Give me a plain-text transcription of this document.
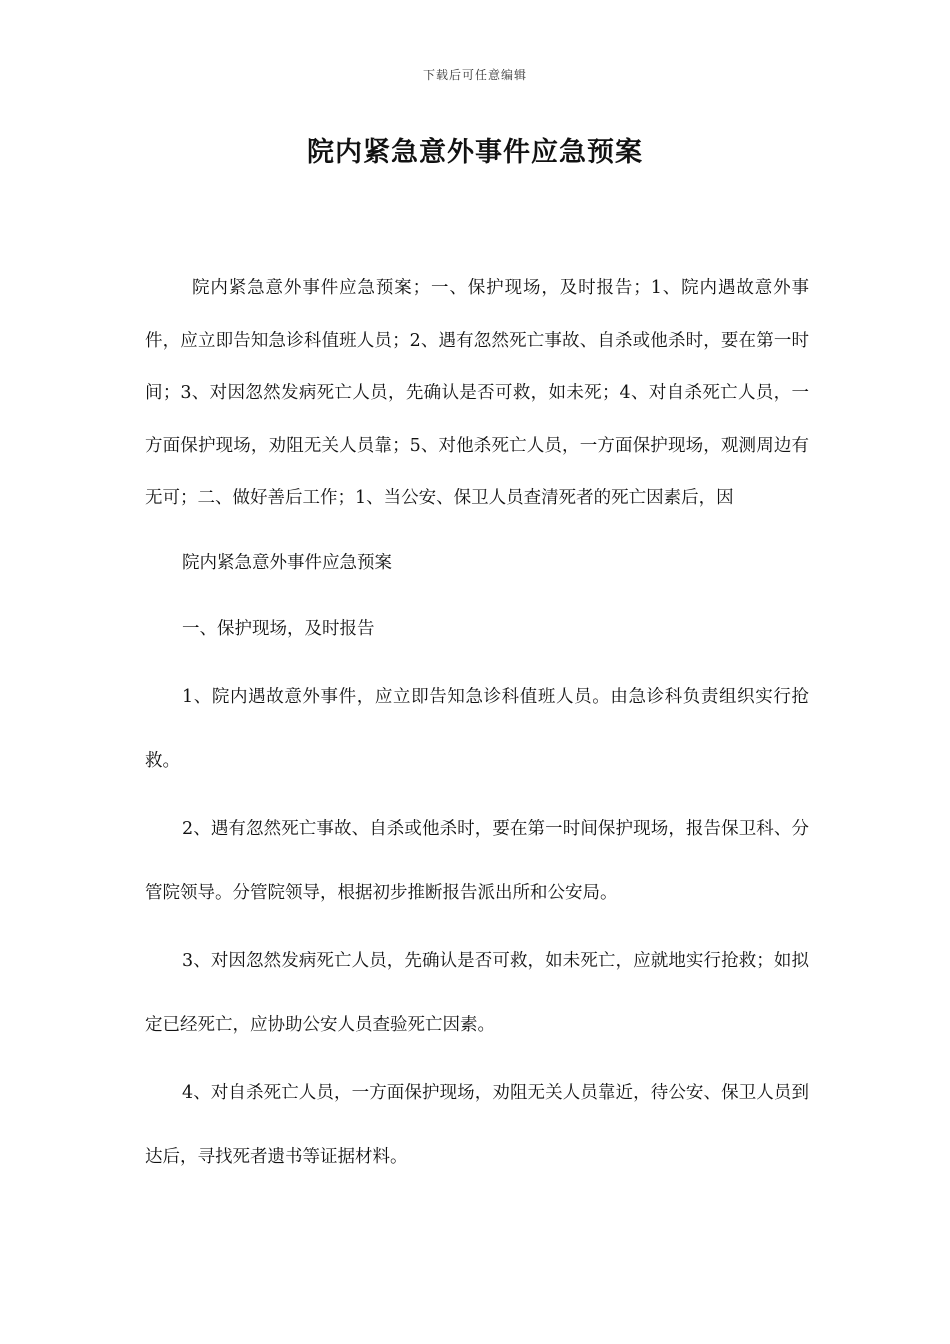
下载后可任意编辑
院内紧急意外事件应急预案

院内紧急意外事件应急预案；一、保护现场，及时报告；1、院内遇故意外事件，应立即告知急诊科值班人员；2、遇有忽然死亡事故、自杀或他杀时，要在第一时间；3、对因忽然发病死亡人员，先确认是否可救，如未死；4、对自杀死亡人员，一方面保护现场，劝阻无关人员靠；5、对他杀死亡人员，一方面保护现场，观测周边有无可；二、做好善后工作；1、当公安、保卫人员查清死者的死亡因素后，因

院内紧急意外事件应急预案

一、保护现场，及时报告

1、院内遇故意外事件，应立即告知急诊科值班人员。由急诊科负责组织实行抢救。

2、遇有忽然死亡事故、自杀或他杀时，要在第一时间保护现场，报告保卫科、分管院领导。分管院领导，根据初步推断报告派出所和公安局。

3、对因忽然发病死亡人员，先确认是否可救，如未死亡，应就地实行抢救；如拟定已经死亡，应协助公安人员查验死亡因素。

4、对自杀死亡人员，一方面保护现场，劝阻无关人员靠近，待公安、保卫人员到达后，寻找死者遗书等证据材料。
